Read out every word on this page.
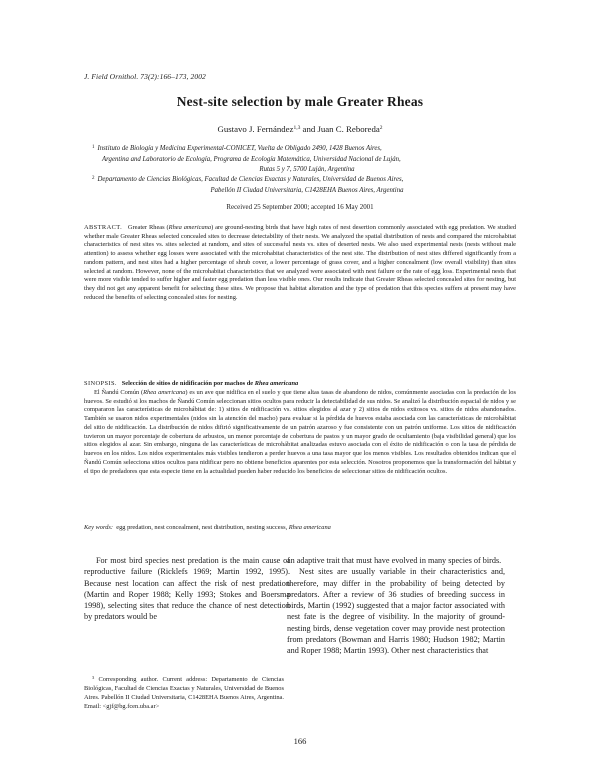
J. Field Ornithol. 73(2):166–173, 2002
Nest-site selection by male Greater Rheas
Gustavo J. Fernández$^{1,3}$ and Juan C. Reboreda$^2$
$^1$ Instituto de Biología y Medicina Experimental-CONICET, Vuelta de Obligado 2490, 1428 Buenos Aires,
Argentina and Laboratorio de Ecología, Programa de Ecología Matemática, Universidad Nacional de Luján,
Rutas 5 y 7, 5700 Luján, Argentina
$^2$ Departamento de Ciencias Biológicas, Facultad de Ciencias Exactas y Naturales, Universidad de Buenos Aires,
Pabellón II Ciudad Universitaria, C1428EHA Buenos Aires, Argentina
Received 25 September 2000; accepted 16 May 2001
ABSTRACT. Greater Rheas (Rhea americana) are ground-nesting birds that have high rates of nest desertion commonly associated with egg predation. We studied whether male Greater Rheas selected concealed sites to decrease detectability of their nests. We analyzed the spatial distribution of nests and compared the microhabitat characteristics of nest sites vs. sites selected at random, and sites of successful nests vs. sites of deserted nests. We also used experimental nests (nests without male attention) to assess whether egg losses were associated with the microhabitat characteristics of the nest site. The distribution of nest sites differed significantly from a random pattern, and nest sites had a higher percentage of shrub cover, a lower percentage of grass cover, and a higher concealment (low overall visibility) than sites selected at random. However, none of the microhabitat characteristics that we analyzed were associated with nest failure or the rate of egg loss. Experimental nests that were more visible tended to suffer higher and faster egg predation than less visible ones. Our results indicate that Greater Rheas selected concealed sites for nesting, but they did not get any apparent benefit for selecting these sites. We propose that habitat alteration and the type of predation that this species suffers at present may have reduced the benefits of selecting concealed sites for nesting.
SINOPSIS. Selección de sitios de nidificación por machos de Rhea americana
El Ñandú Común (Rhea americana) es un ave que nidifica en el suelo y que tiene altas tasas de abandono de nidos, comúnmente asociadas con la predación de los huevos. Se estudió si los machos de Ñandú Común seleccionan sitios ocultos para reducir la detectabilidad de sus nidos. Se analizó la distribución espacial de nidos y se compararon las características de microhábitat de: 1) sitios de nidificación vs. sitios elegidos al azar y 2) sitios de nidos exitosos vs. sitios de nidos abandonados. También se usaron nidos experimentales (nidos sin la atención del macho) para evaluar si la pérdida de huevos estaba asociada con las características de microhábitat del sitio de nidificación. La distribución de nidos difirió significativamente de un patrón azaroso y fue consistente con un patrón uniforme. Los sitios de nidificación tuvieron un mayor porcentaje de cobertura de arbustos, un menor porcentaje de cobertura de pastos y un mayor grado de ocultamiento (baja visibilidad general) que los sitios elegidos al azar. Sin embargo, ninguna de las características de microhábitat analizadas estuvo asociada con el éxito de nidificación o con la tasa de pérdida de huevos en los nidos. Los nidos experimentales más visibles tendieron a perder huevos a una tasa mayor que los menos visibles. Los resultados obtenidos indican que el Ñandú Común selecciona sitios ocultos para nidificar pero no obtiene beneficios aparentes por esta selección. Nosotros proponemos que la transformación del hábitat y el tipo de predadores que esta especie tiene en la actualidad pueden haber reducido los beneficios de seleccionar sitios de nidificación ocultos.
Key words: egg predation, nest concealment, nest distribution, nesting success, Rhea americana

For most bird species nest predation is the main cause of reproductive failure (Ricklefs 1969; Martin 1992, 1995). Because nest location can affect the risk of nest predation (Martin and Roper 1988; Kelly 1993; Stokes and Boersma 1998), selecting sites that reduce the chance of nest detection by predators would be

an adaptive trait that must have evolved in many species of birds.

Nest sites are usually variable in their characteristics and, therefore, may differ in the probability of being detected by predators. After a review of 36 studies of breeding success in birds, Martin (1992) suggested that a major factor associated with nest fate is the degree of visibility. In the majority of ground-nesting birds, dense vegetation cover may provide nest protection from predators (Bowman and Harris 1980; Hudson 1982; Martin and Roper 1988; Martin 1993). Other nest characteristics that

$^3$ Corresponding author. Current address: Departamento de Ciencias Biológicas, Facultad de Ciencias Exactas y Naturales, Universidad de Buenos Aires. Pabellón II Ciudad Universitaria, C1428EHA Buenos Aires, Argentina. Email: <gjf@bg.fcen.uba.ar>
166
